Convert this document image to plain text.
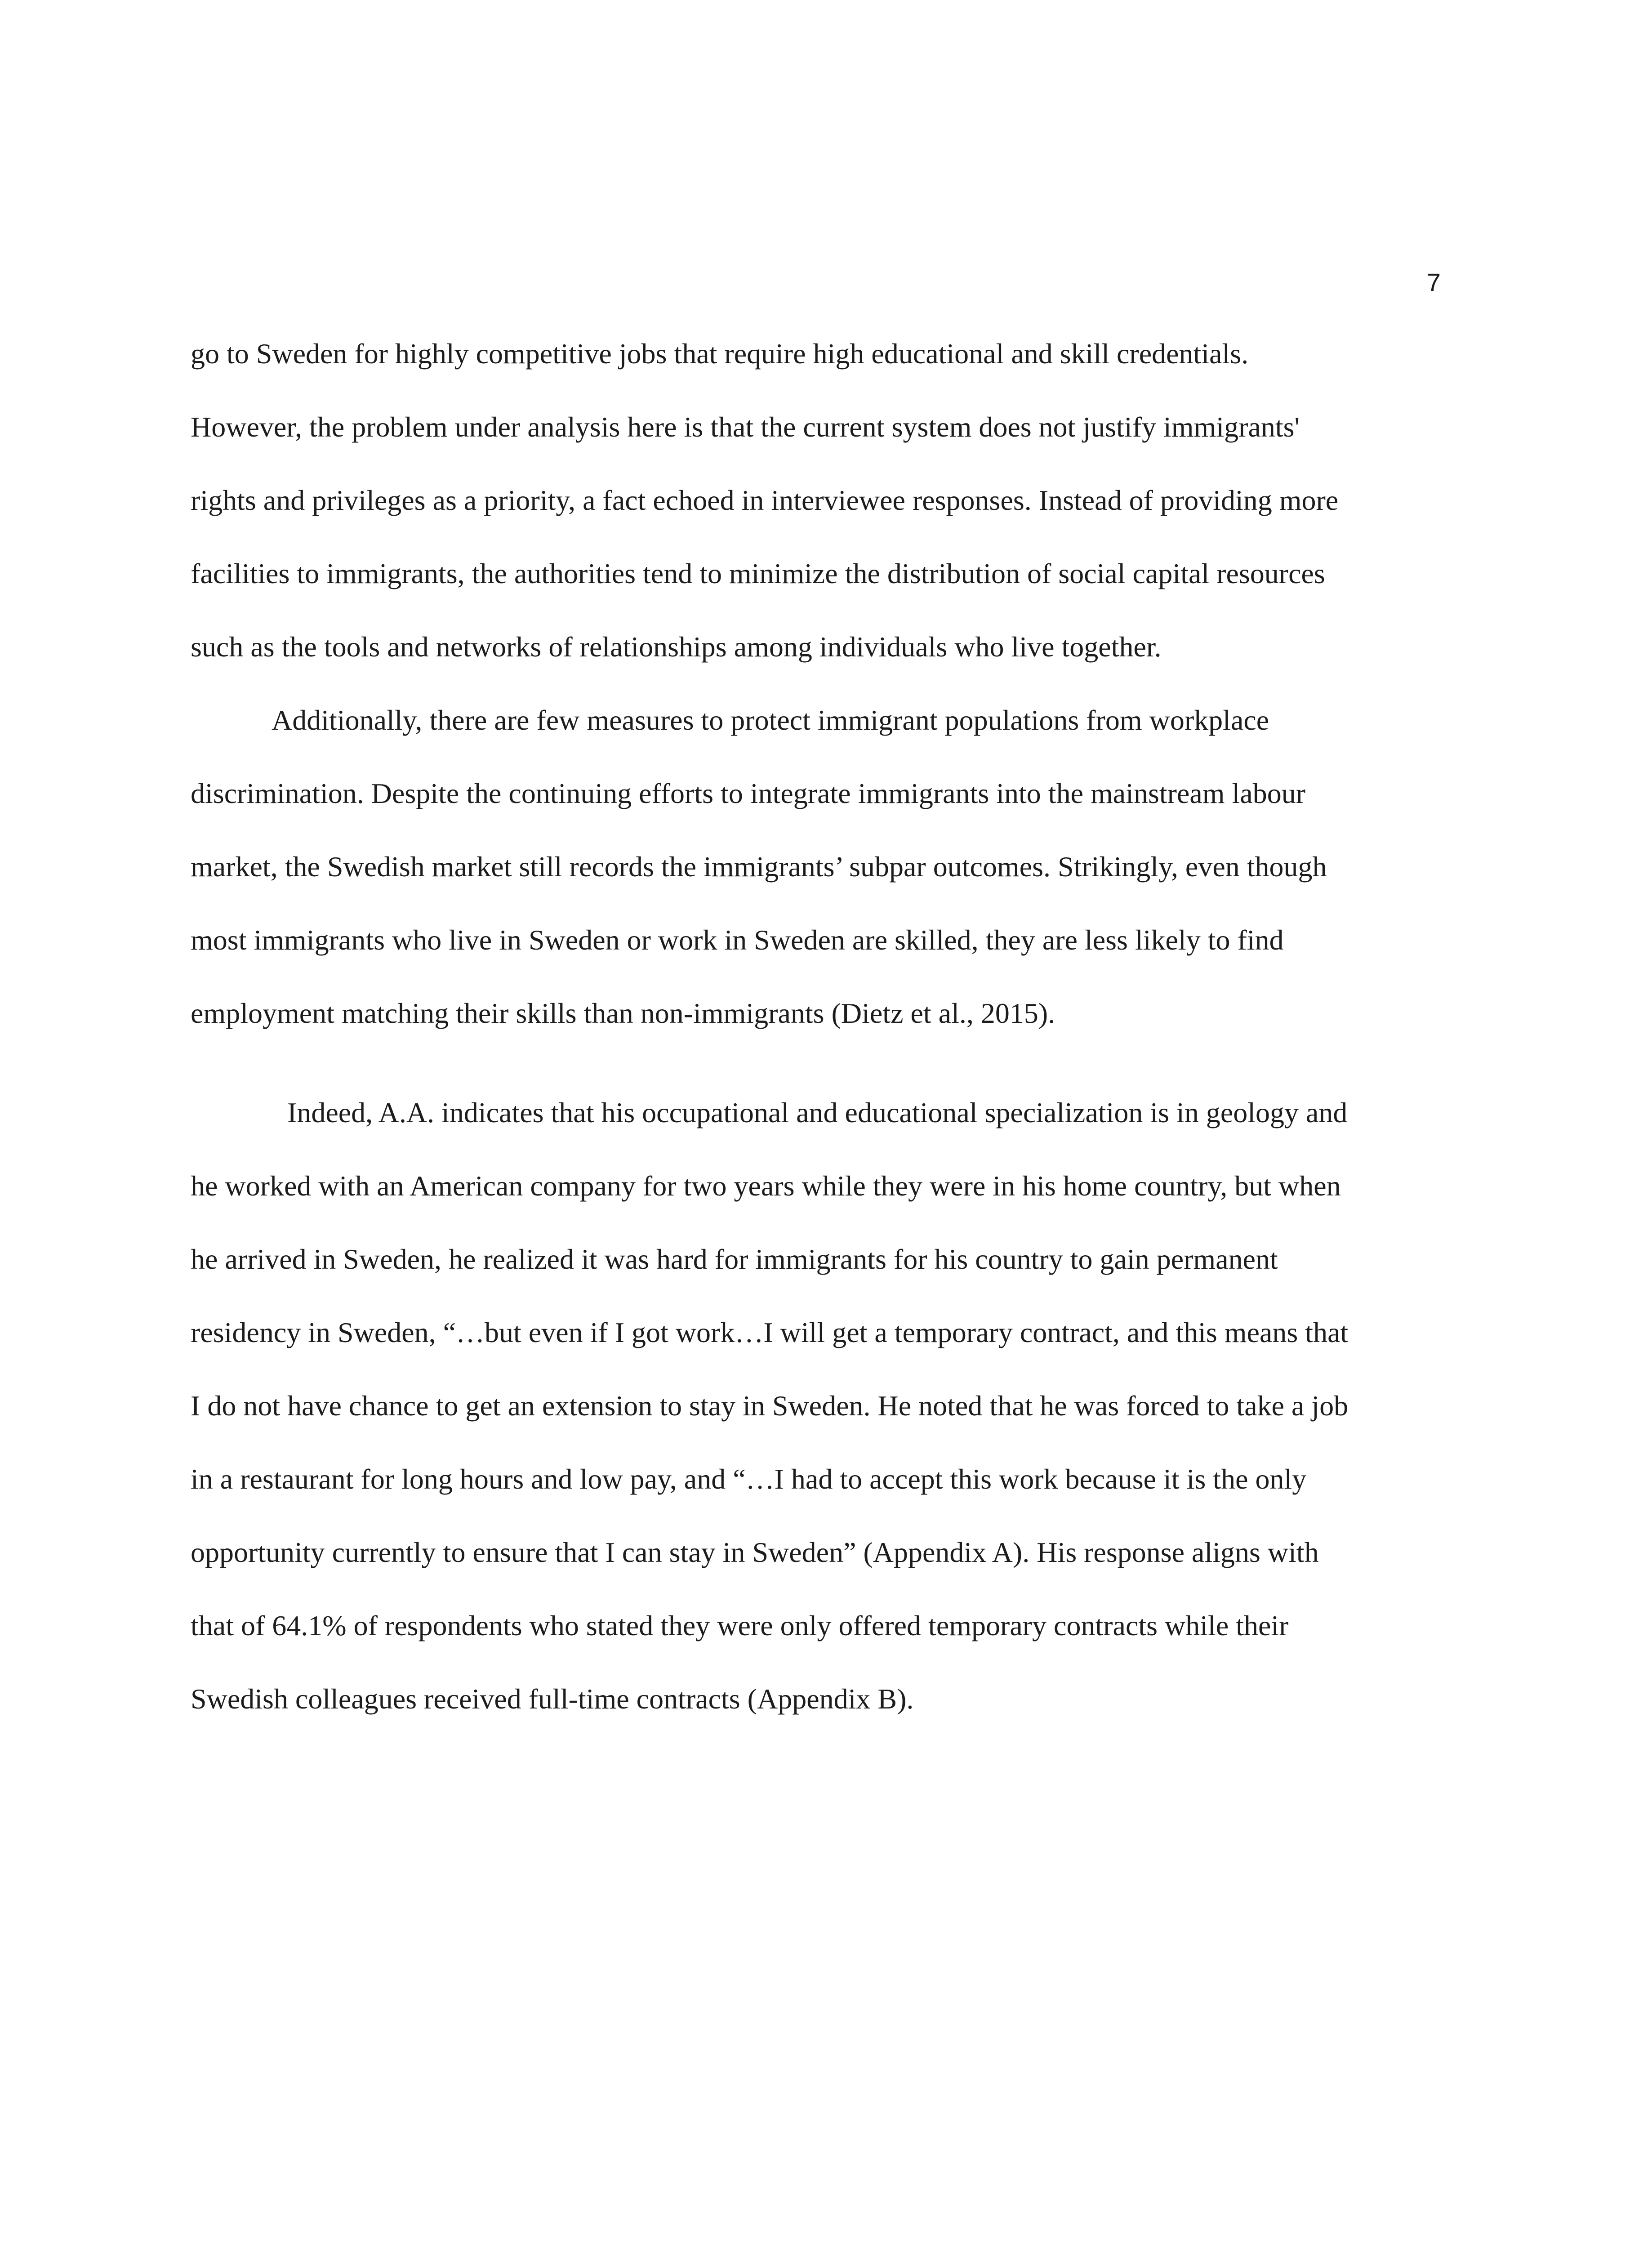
7
go to Sweden for highly competitive jobs that require high educational and skill credentials.
However, the problem under analysis here is that the current system does not justify immigrants'
rights and privileges as a priority, a fact echoed in interviewee responses. Instead of providing more
facilities to immigrants, the authorities tend to minimize the distribution of social capital resources
such as the tools and networks of relationships among individuals who live together.
Additionally, there are few measures to protect immigrant populations from workplace
discrimination. Despite the continuing efforts to integrate immigrants into the mainstream labour
market, the Swedish market still records the immigrants’ subpar outcomes. Strikingly, even though
most immigrants who live in Sweden or work in Sweden are skilled, they are less likely to find
employment matching their skills than non-immigrants (Dietz et al., 2015).
Indeed, A.A. indicates that his occupational and educational specialization is in geology and
he worked with an American company for two years while they were in his home country, but when
he arrived in Sweden, he realized it was hard for immigrants for his country to gain permanent
residency in Sweden, “…but even if I got work…I will get a temporary contract, and this means that
I do not have chance to get an extension to stay in Sweden. He noted that he was forced to take a job
in a restaurant for long hours and low pay, and “…I had to accept this work because it is the only
opportunity currently to ensure that I can stay in Sweden” (Appendix A). His response aligns with
that of 64.1% of respondents who stated they were only offered temporary contracts while their
Swedish colleagues received full-time contracts (Appendix B).
